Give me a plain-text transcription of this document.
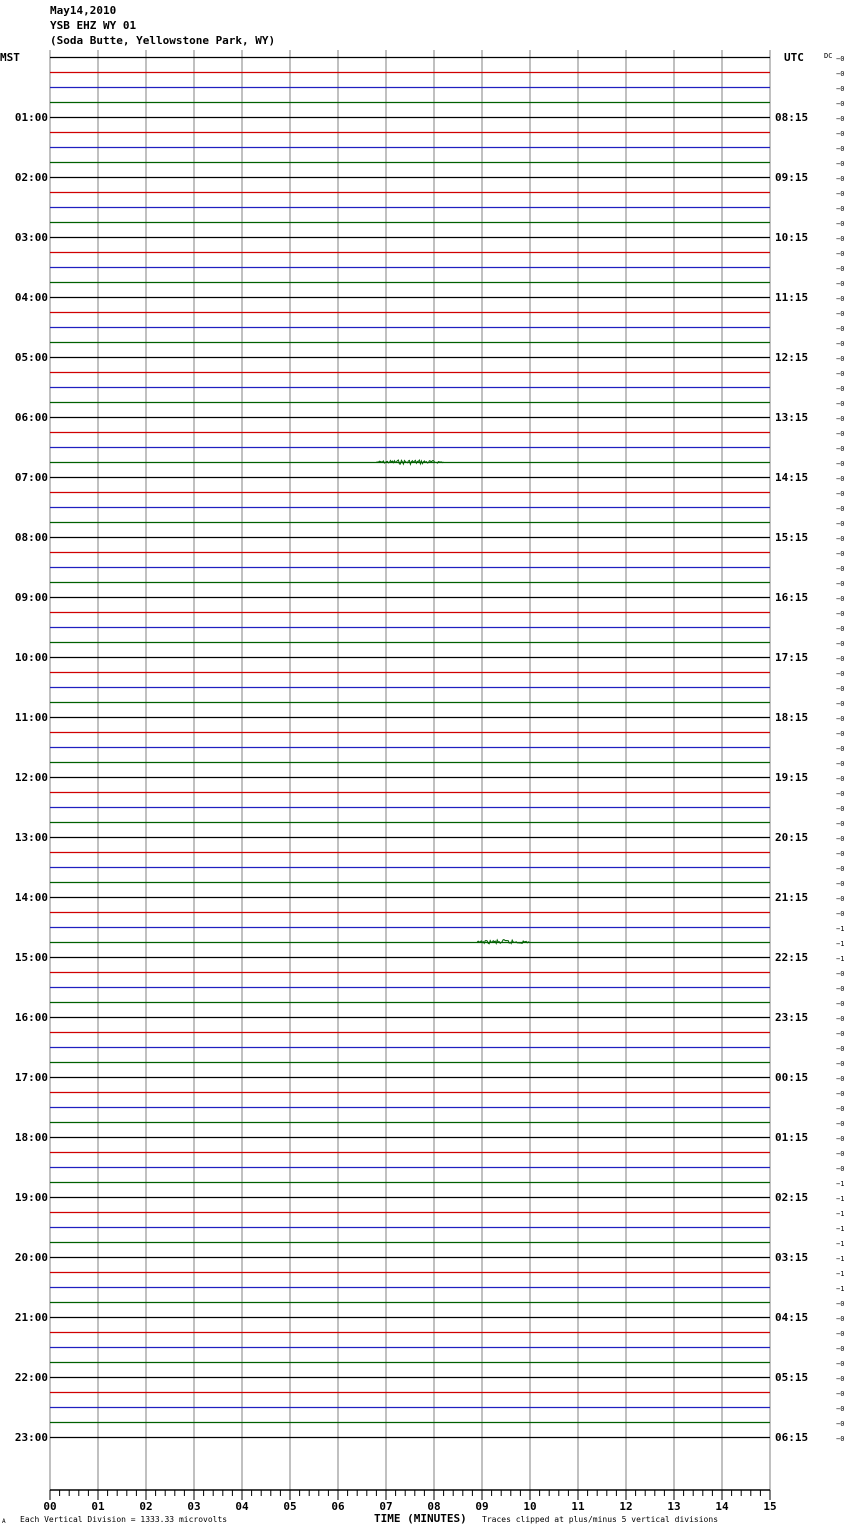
May14,2010
YSB EHZ WY 01
(Soda Butte, Yellowstone Park, WY)
MST	UTC	DC
01:00
02:00
03:00
04:00
05:00
06:00
07:00
08:00
09:00
10:00
11:00
12:00
13:00
14:00
15:00
16:00
17:00
18:00
19:00
20:00
21:00
22:00
23:00
08:15
09:15
10:15
11:15
12:15
13:15
14:15
15:15
16:15
17:15
18:15
19:15
20:15
21:15
22:15
23:15
00:15
01:15
02:15
03:15
04:15
05:15
06:15
−0
−0
−0
−0
−0
−0
−0
−0
−0
−0
−0
−0
−0
−0
−0
−0
−0
−0
−0
−0
−0
−0
−0
−0
−0
−0
−0
−0
−0
−0
−0
−0
−0
−0
−0
−0
−0
−0
−0
−0
−0
−0
−0
−0
−0
−0
−0
−0
−0
−0
−0
−0
−0
−0
−0
−0
−0
−0
−1
−1
−1
−0
−0
−0
−0
−0
−0
−0
−0
−0
−0
−0
−0
−0
−0
−1
−1
−1
−1
−1
−1
−1
−1
−0
−0
−0
−0
−0
−0
−0
−0
−0
−0
00	01	02	03	04	05	06	07	08	09	10	11	12	13	14	15
A Each Vertical Division = 1333.33 microvolts	TIME (MINUTES) Traces clipped at plus/minus 5 vertical divisions
